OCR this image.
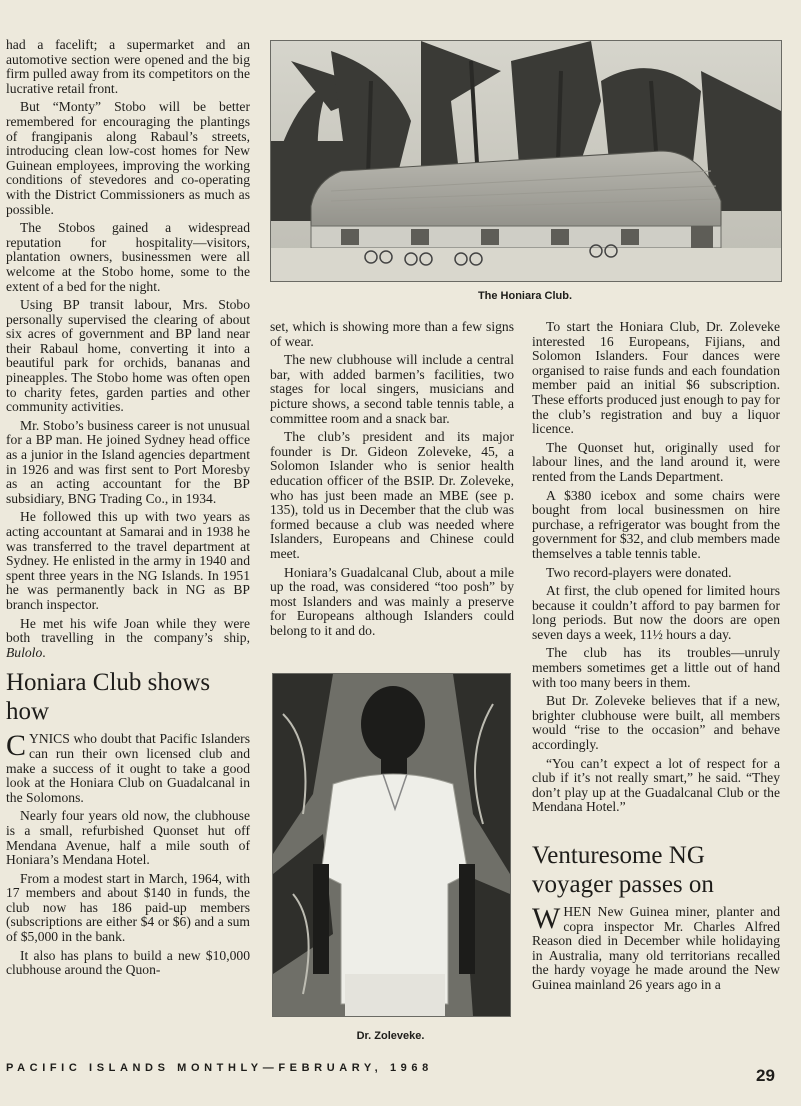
had a facelift; a supermarket and an automotive section were opened and the big firm pulled away from its competitors on the lucrative retail front.

But “Monty” Stobo will be better remembered for encouraging the plantings of frangipanis along Rabaul’s streets, introducing clean low-cost homes for New Guinean employees, improving the working conditions of stevedores and co-operating with the District Commissioners as much as possible.

The Stobos gained a widespread reputation for hospitality—visitors, plantation owners, businessmen were all welcome at the Stobo home, some to the extent of a bed for the night.

Using BP transit labour, Mrs. Stobo personally supervised the clearing of about six acres of government and BP land near their Rabaul home, converting it into a beautiful park for orchids, bananas and pineapples. The Stobo home was often open to charity fetes, garden parties and other community activities.

Mr. Stobo’s business career is not unusual for a BP man. He joined Sydney head office as a junior in the Island agencies department in 1926 and was first sent to Port Moresby as an acting accountant for the BP subsidiary, BNG Trading Co., in 1934.

He followed this up with two years as acting accountant at Samarai and in 1938 he was transferred to the travel department at Sydney. He enlisted in the army in 1940 and spent three years in the NG Islands. In 1951 he was permanently back in NG as BP branch inspector.

He met his wife Joan while they were both travelling in the company’s ship, Bulolo.

Honiara Club shows how

CYNICS who doubt that Pacific Islanders can run their own licensed club and make a success of it ought to take a good look at the Honiara Club on Guadalcanal in the Solomons.

Nearly four years old now, the clubhouse is a small, refurbished Quonset hut off Mendana Avenue, half a mile south of Honiara’s Mendana Hotel.

From a modest start in March, 1964, with 17 members and about $140 in funds, the club now has 186 paid-up members (subscriptions are either $4 or $6) and a sum of $5,000 in the bank.

It also has plans to build a new $10,000 clubhouse around the Quon-

The Honiara Club.

set, which is showing more than a few signs of wear.

The new clubhouse will include a central bar, with added barmen’s facilities, two stages for local singers, musicians and picture shows, a second table tennis table, a committee room and a snack bar.

The club’s president and its major founder is Dr. Gideon Zoleveke, 45, a Solomon Islander who is senior health education officer of the BSIP. Dr. Zoleveke, who has just been made an MBE (see p. 135), told us in December that the club was formed because a club was needed where Islanders, Europeans and Chinese could meet.

Honiara’s Guadalcanal Club, about a mile up the road, was considered “too posh” by most Islanders and was mainly a preserve for Europeans although Islanders could belong to it and do.

Dr. Zoleveke.

To start the Honiara Club, Dr. Zoleveke interested 16 Europeans, Fijians, and Solomon Islanders. Four dances were organised to raise funds and each foundation member paid an initial $6 subscription. These efforts produced just enough to pay for the club’s registration and buy a liquor licence.

The Quonset hut, originally used for labour lines, and the land around it, were rented from the Lands Department.

A $380 icebox and some chairs were bought from local businessmen on hire purchase, a refrigerator was bought from the government for $32, and club members made themselves a table tennis table.

Two record-players were donated.

At first, the club opened for limited hours because it couldn’t afford to pay barmen for long periods. But now the doors are open seven days a week, 11½ hours a day.

The club has its troubles—unruly members sometimes get a little out of hand with too many beers in them.

But Dr. Zoleveke believes that if a new, brighter clubhouse were built, all members would “rise to the occasion” and behave accordingly.

“You can’t expect a lot of respect for a club if it’s not really smart,” he said. “They don’t play up at the Guadalcanal Club or the Mendana Hotel.”

Venturesome NG voyager passes on

WHEN New Guinea miner, planter and copra inspector Mr. Charles Alfred Reason died in December while holidaying in Australia, many old territorians recalled the hardy voyage he made around the New Guinea mainland 26 years ago in a

PACIFIC ISLANDS MONTHLY—FEBRUARY, 1968	29
